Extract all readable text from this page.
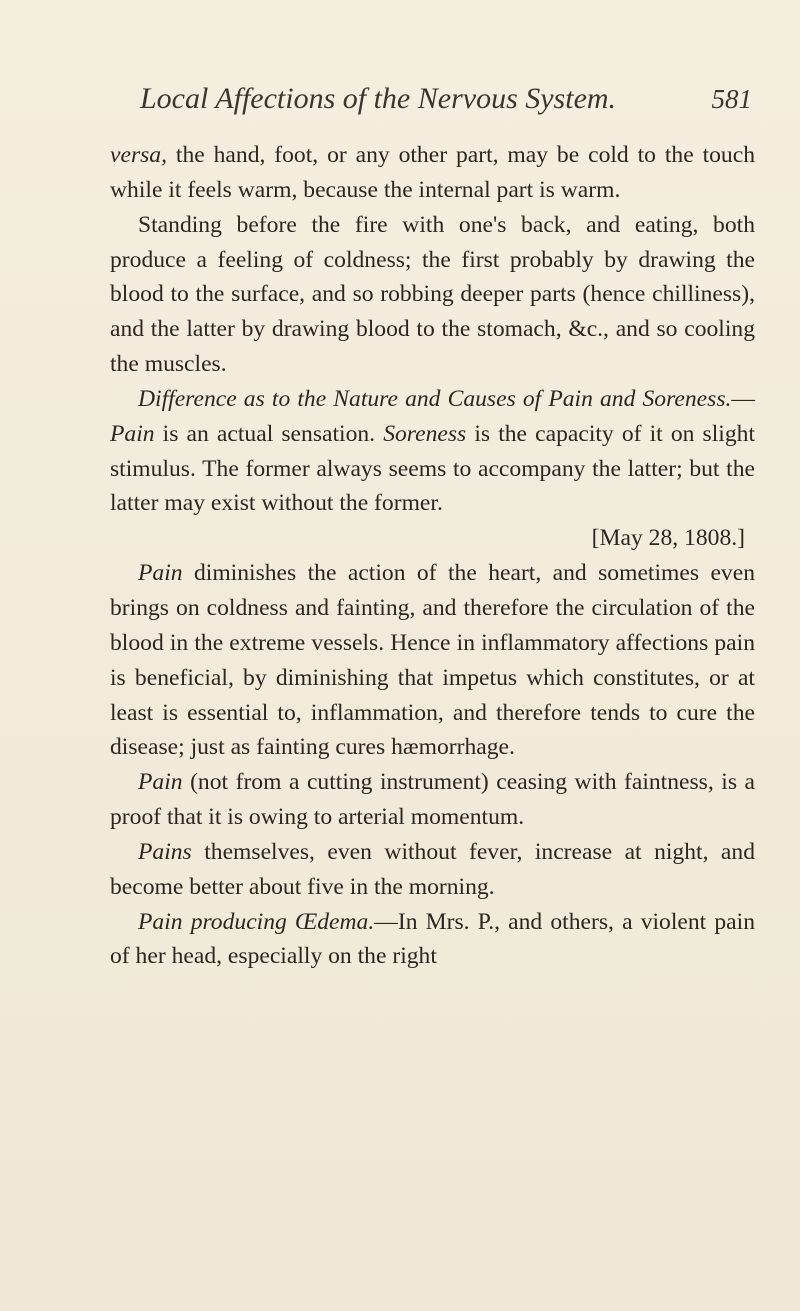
Local Affections of the Nervous System.	581

versa, the hand, foot, or any other part, may be cold to the touch while it feels warm, because the internal part is warm.

Standing before the fire with one's back, and eating, both produce a feeling of coldness; the first probably by drawing the blood to the surface, and so robbing deeper parts (hence chilliness), and the latter by drawing blood to the stomach, &c., and so cooling the muscles.

Difference as to the Nature and Causes of Pain and Soreness.—Pain is an actual sensation. Soreness is the capacity of it on slight stimulus. The former always seems to accompany the latter; but the latter may exist without the former.

[May 28, 1808.]

Pain diminishes the action of the heart, and sometimes even brings on coldness and fainting, and therefore the circulation of the blood in the extreme vessels. Hence in inflammatory affections pain is beneficial, by diminishing that impetus which constitutes, or at least is essential to, inflammation, and therefore tends to cure the disease; just as fainting cures hæmorrhage.

Pain (not from a cutting instrument) ceasing with faintness, is a proof that it is owing to arterial momentum.

Pains themselves, even without fever, increase at night, and become better about five in the morning.

Pain producing Œdema.—In Mrs. P., and others, a violent pain of her head, especially on the right
